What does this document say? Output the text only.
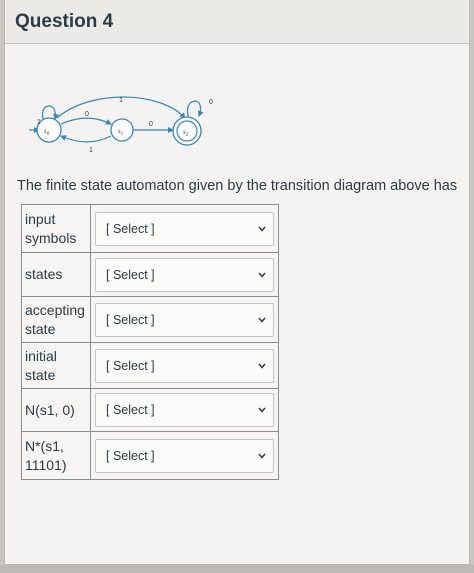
Question 4
$s_0$	$s_1$	$s_2$
1
1
0
1
0
0
The finite state automaton given by the transition diagram above has
input symbols	[ Select ]

states	[ Select ]

accepting state	[ Select ]

initial state	[ Select ]

N(s1, 0)	[ Select ]

N*(s1, 11101)	[ Select ]
